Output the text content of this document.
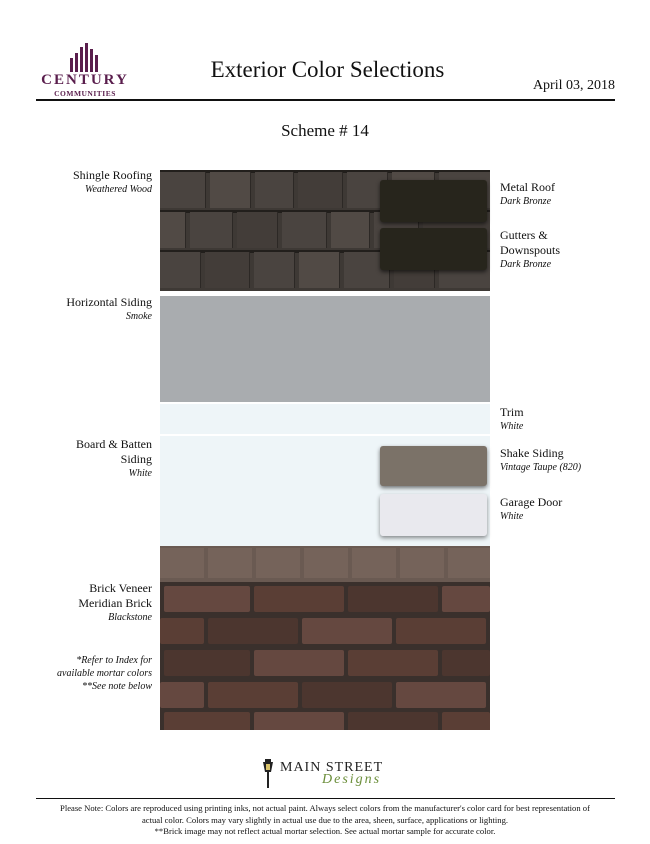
CENTURY
COMMUNITIES
Exterior Color Selections
April 03, 2018
Scheme # 14
Shingle Roofing
Weathered Wood
Horizontal Siding
Smoke
Board & Batten
Siding
White
Brick Veneer
Meridian Brick
Blackstone
*Refer to Index for
available mortar colors
**See note below
Metal Roof
Dark Bronze
Gutters &
Downspouts
Dark Bronze
Trim
White
Shake Siding
Vintage Taupe (820)
Garage Door
White
MAIN STREET
Designs
Please Note: Colors are reproduced using printing inks, not actual paint. Always select colors from the manufacturer's color card for best representation of
actual color. Colors may vary slightly in actual use due to the area, sheen, surface, applications or lighting.
**Brick image may not reflect actual mortar selection. See actual mortar sample for accurate color.
